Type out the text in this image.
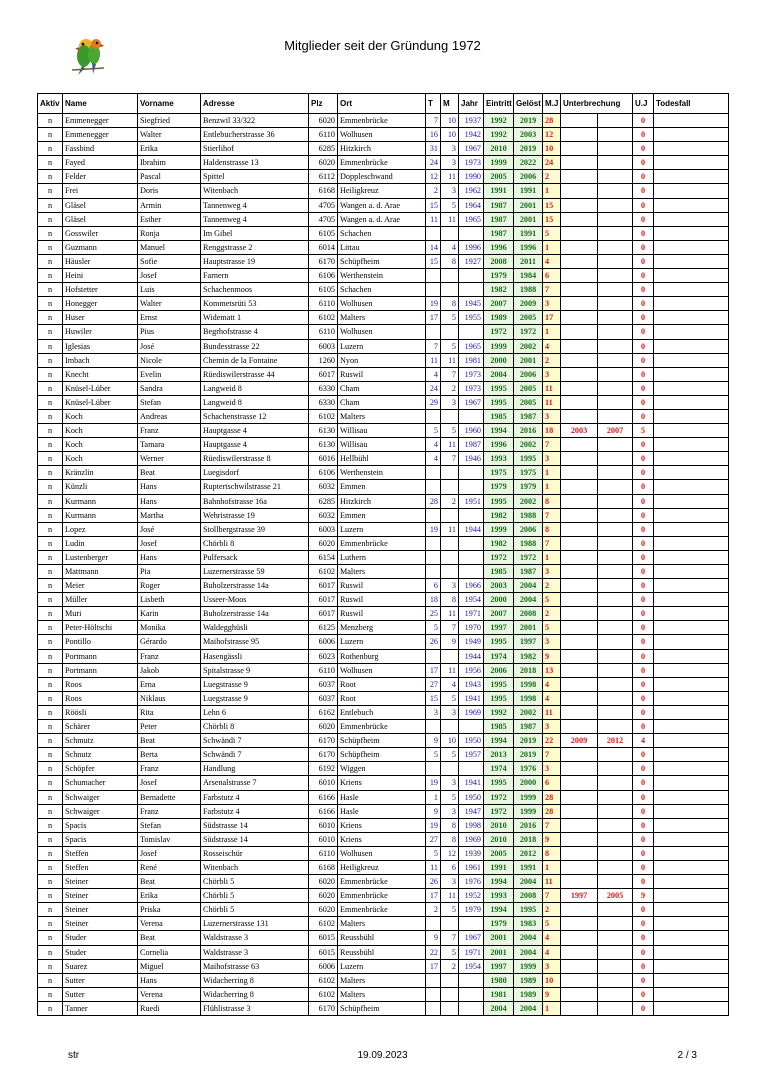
Mitglieder seit der Gründung 1972
Aktiv	Name	Vorname	Adresse	Plz	Ort	T	M	Jahr	Eintritt	Gelöst	M.J	Unterbrechung		U.J	Todesfall
n	Emmenegger	Siegfried	Benzwil 33/322	6020	Emmenbrücke	7	10	1937	1992	2019	28			0	
n	Emmenegger	Walter	Entlebucherstrasse 36	6110	Wolhusen	16	10	1942	1992	2003	12			0	
n	Fassbind	Erika	Stierlihof	6285	Hitzkirch	31	3	1967	2010	2019	10			0	
n	Fayed	Ibrahim	Haldenstrasse 13	6020	Emmenbrücke	24	3	1973	1999	2022	24			0	
n	Felder	Pascal	Spittel	6112	Doppleschwand	12	11	1990	2005	2006	2			0	
n	Frei	Doris	Witenbach	6168	Heiligkreuz	2	3	1962	1991	1991	1			0	
n	Gläsel	Armin	Tannenweg 4	4705	Wangen a. d. Arae	15	5	1964	1987	2001	15			0	
n	Gläsel	Esther	Tannenweg 4	4705	Wangen a. d. Arae	11	11	1965	1987	2001	15			0	
n	Gosswiler	Ronja	Im Gibel	6105	Schachen				1987	1991	5			0	
n	Guzmann	Manuel	Renggstrasse 2	6014	Littau	14	4	1996	1996	1996	1			0	
n	Häusler	Sofie	Hauptstrasse 19	6170	Schüpfheim	15	8	1927	2008	2011	4			0	
n	Heini	Josef	Farnern	6106	Werthenstein				1979	1984	6			0	
n	Hofstetter	Luis	Schachenmoos	6105	Schachen				1982	1988	7			0	
n	Honegger	Walter	Kommetsrüti 53	6110	Wolhusen	19	8	1945	2007	2009	3			0	
n	Huser	Ernst	Widematt 1	6102	Malters	17	5	1955	1989	2005	17			0	
n	Huwiler	Pius	Begrhofstrasse 4	6110	Wolhusen				1972	1972	1			0	
n	Iglesias	José	Bundesstrasse 22	6003	Luzern	7	5	1965	1999	2002	4			0	
n	Imbach	Nicole	Chemin de la Fontaine	1260	Nyon	11	11	1981	2000	2001	2			0	
n	Knecht	Evelin	Rüediswilerstrasse 44	6017	Ruswil	4	7	1973	2004	2006	3			0	
n	Knüsel-Lüber	Sandra	Langweid 8	6330	Cham	24	2	1973	1995	2005	11			0	
n	Knüsel-Lüber	Stefan	Langweid 8	6330	Cham	29	3	1967	1995	2005	11			0	
n	Koch	Andreas	Schachenstrasse 12	6102	Malters				1985	1987	3			0	
n	Koch	Franz	Hauptgasse 4	6130	Willisau	5	5	1960	1994	2016	18	2003	2007	5	
n	Koch	Tamara	Hauptgasse 4	6130	Willisau	4	11	1987	1996	2002	7			0	
n	Koch	Werner	Rüediswilerstrasse 8	6016	Hellbühl	4	7	1946	1993	1995	3			0	
n	Kränzlin	Beat	Luegisdorf	6106	Werthenstein				1975	1975	1			0	
n	Künzli	Hans	Ruptertschwilstrasse 21	6032	Emmen				1979	1979	1			0	
n	Kurmann	Hans	Bahnhofstrasse 16a	6285	Hitzkirch	28	2	1951	1995	2002	8			0	
n	Kurmann	Martha	Wehristrasse 19	6032	Emmen				1982	1988	7			0	
n	Lopez	José	Stollbergstrasse 39	6003	Luzern	19	11	1944	1999	2006	8			0	
n	Ludin	Josef	Chörbli 8	6020	Emmenbrücke				1982	1988	7			0	
n	Lustenberger	Hans	Pulfersack	6154	Luthern				1972	1972	1			0	
n	Mattmann	Pia	Luzernerstrasse 59	6102	Malters				1985	1987	3			0	
n	Meier	Roger	Buholzerstrasse 14a	6017	Ruswil	6	3	1966	2003	2004	2			0	
n	Müller	Lisbeth	Usseer-Moos	6017	Ruswil	18	8	1954	2000	2004	5			0	
n	Muri	Karin	Buholzerstrasse 14a	6017	Ruswil	25	11	1971	2007	2008	2			0	
n	Peter-Höltschi	Monika	Waldegghüsli	6125	Menzberg	5	7	1970	1997	2001	5			0	
n	Pontillo	Gérardo	Maihofstrasse 95	6006	Luzern	26	9	1949	1995	1997	3			0	
n	Portmann	Franz	Hasengässli	6023	Rothenburg			1944	1974	1982	9			0	
n	Portmann	Jakob	Spitalstrasse 9	6110	Wolhusen	17	11	1956	2006	2018	13			0	
n	Roos	Erna	Luegstrasse 9	6037	Root	27	4	1943	1995	1998	4			0	
n	Roos	Niklaus	Luegstrasse 9	6037	Root	15	5	1941	1995	1998	4			0	
n	Röösli	Rita	Lehn 6	6162	Entlebuch	3	3	1969	1992	2002	11			0	
n	Schärer	Peter	Chörbli 8	6020	Emmenbrücke				1985	1987	3			0	
n	Schmutz	Beat	Schwändi 7	6170	Schüpfheim	9	10	1950	1994	2019	22	2009	2012	4	
n	Schnutz	Berta	Schwändi 7	6170	Schüpfheim	5	5	1957	2013	2019	7			0	
n	Schöpfer	Franz	Handlung	6192	Wiggen				1974	1976	3			0	
n	Schumacher	Josef	Arsenalstrasse 7	6010	Kriens	19	3	1941	1995	2000	6			0	
n	Schwaiger	Bernadette	Farbstutz 4	6166	Hasle	1	5	1950	1972	1999	28			0	
n	Schwaiger	Franz	Farbstutz 4	6166	Hasle	9	3	1947	1972	1999	28			0	
n	Spacis	Stefan	Südstrasse 14	6010	Kriens	19	8	1998	2010	2016	7			0	
n	Spacis	Tomislav	Südstrasse 14	6010	Kriens	27	8	1969	2010	2018	9			0	
n	Steffen	Josef	Rosseischür	6110	Wolhusen	5	12	1939	2005	2012	8			0	
n	Steffen	René	Witenbach	6168	Heiligkreuz	11	6	1961	1991	1991	1			0	
n	Steiner	Beat	Chörbli 5	6020	Emmenbrücke	26	3	1976	1994	2004	11			0	
n	Steiner	Erika	Chörbli 5	6020	Emmenbrücke	17	11	1952	1993	2008	7	1997	2005	9	
n	Steiner	Priska	Chörbli 5	6020	Emmenbrücke	2	5	1979	1994	1995	2			0	
n	Steiner	Verena	Luzernerstrasse 131	6102	Malters				1979	1983	5			0	
n	Studer	Beat	Waldstrasse 3	6015	Reussbühl	9	7	1967	2001	2004	4			0	
n	Studer	Cornelia	Waldstrasse 3	6015	Reussbühl	22	5	1971	2001	2004	4			0	
n	Suarez	Miguel	Maihofstrasse 63	6006	Luzern	17	2	1954	1997	1999	3			0	
n	Sutter	Hans	Widacherring 8	6102	Malters				1980	1989	10			0	
n	Sutter	Verena	Widacherring 8	6102	Malters				1981	1989	9			0	
n	Tanner	Ruedi	Flühlistrasse 3	6170	Schüpfheim				2004	2004	1			0	
str	19.09.2023	2 / 3
